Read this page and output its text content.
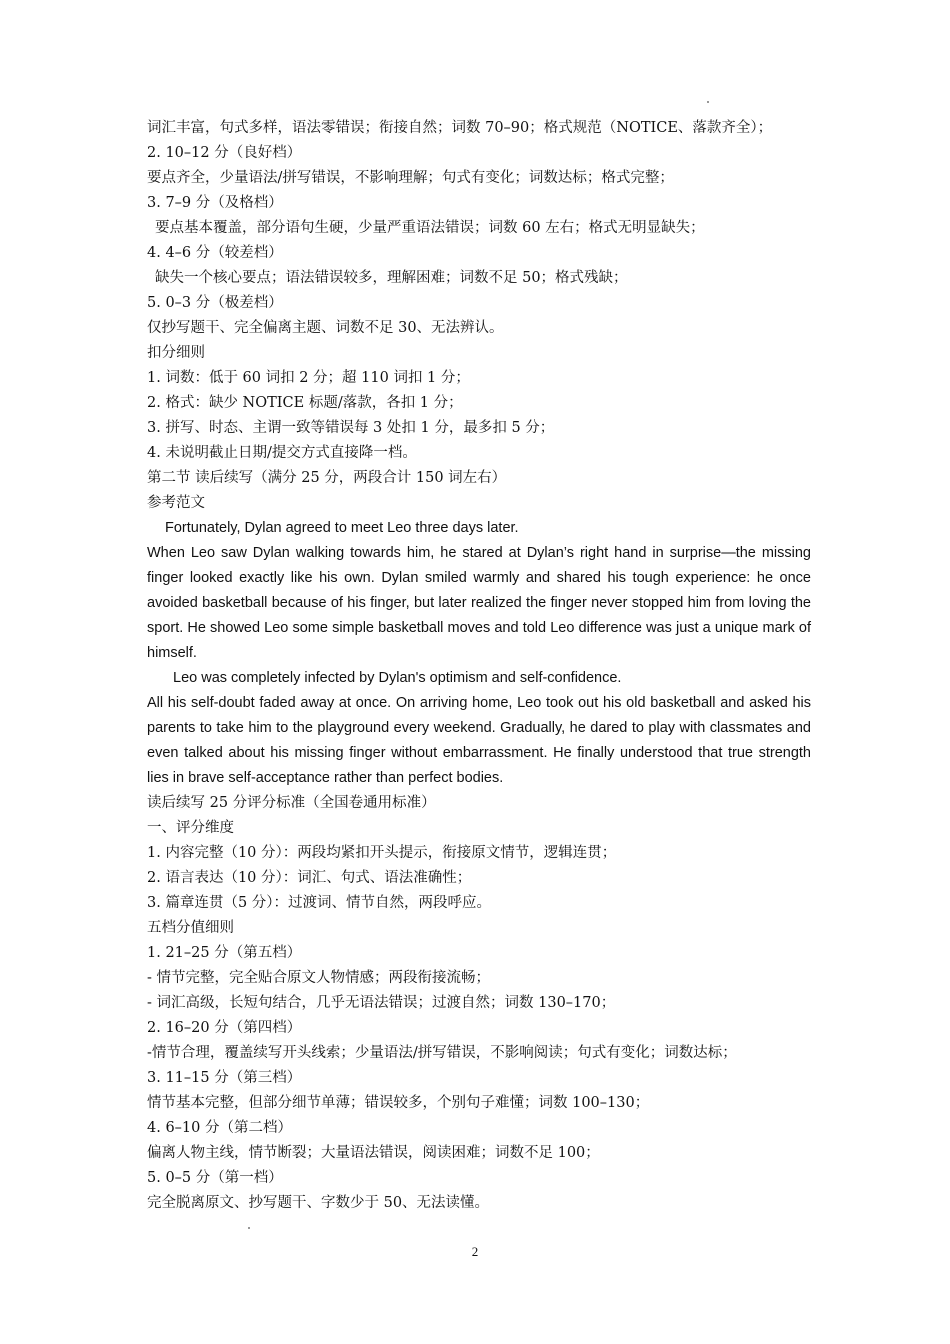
词汇丰富，句式多样，语法零错误；衔接自然；词数 70–90；格式规范（NOTICE、落款齐全）；
2. 10–12 分（良好档）
要点齐全，少量语法/拼写错误，不影响理解；句式有变化；词数达标；格式完整；
3. 7–9 分（及格档）
要点基本覆盖，部分语句生硬，少量严重语法错误；词数 60 左右；格式无明显缺失；
4. 4–6 分（较差档）
缺失一个核心要点；语法错误较多，理解困难；词数不足 50；格式残缺；
5. 0–3 分（极差档）
仅抄写题干、完全偏离主题、词数不足 30、无法辨认。
扣分细则
1. 词数：低于 60 词扣 2 分；超 110 词扣 1 分；
2. 格式：缺少 NOTICE 标题/落款，各扣 1 分；
3. 拼写、时态、主谓一致等错误每 3 处扣 1 分，最多扣 5 分；
4. 未说明截止日期/提交方式直接降一档。
第二节 读后续写（满分 25 分，两段合计 150 词左右）
参考范文

Fortunately, Dylan agreed to meet Leo three days later.

When Leo saw Dylan walking towards him, he stared at Dylan’s right hand in surprise—the missing finger looked exactly like his own. Dylan smiled warmly and shared his tough experience: he once avoided basketball because of his finger, but later realized the finger never stopped him from loving the sport. He showed Leo some simple basketball moves and told Leo difference was just a unique mark of himself.

Leo was completely infected by Dylan's optimism and self-confidence.

All his self-doubt faded away at once. On arriving home, Leo took out his old basketball and asked his parents to take him to the playground every weekend. Gradually, he dared to play with classmates and even talked about his missing finger without embarrassment. He finally understood that true strength lies in brave self-acceptance rather than perfect bodies.

读后续写 25 分评分标准（全国卷通用标准）
一、评分维度
1. 内容完整（10 分）：两段均紧扣开头提示，衔接原文情节，逻辑连贯；
2. 语言表达（10 分）：词汇、句式、语法准确性；
3. 篇章连贯（5 分）：过渡词、情节自然，两段呼应。
五档分值细则
1. 21–25 分（第五档）
- 情节完整，完全贴合原文人物情感；两段衔接流畅；
- 词汇高级，长短句结合，几乎无语法错误；过渡自然；词数 130–170；
2. 16–20 分（第四档）
-情节合理，覆盖续写开头线索；少量语法/拼写错误，不影响阅读；句式有变化；词数达标；
3. 11–15 分（第三档）
情节基本完整，但部分细节单薄；错误较多，个别句子难懂；词数 100–130；
4. 6–10 分（第二档）
偏离人物主线，情节断裂；大量语法错误，阅读困难；词数不足 100；
5. 0–5 分（第一档）
完全脱离原文、抄写题干、字数少于 50、无法读懂。
2
